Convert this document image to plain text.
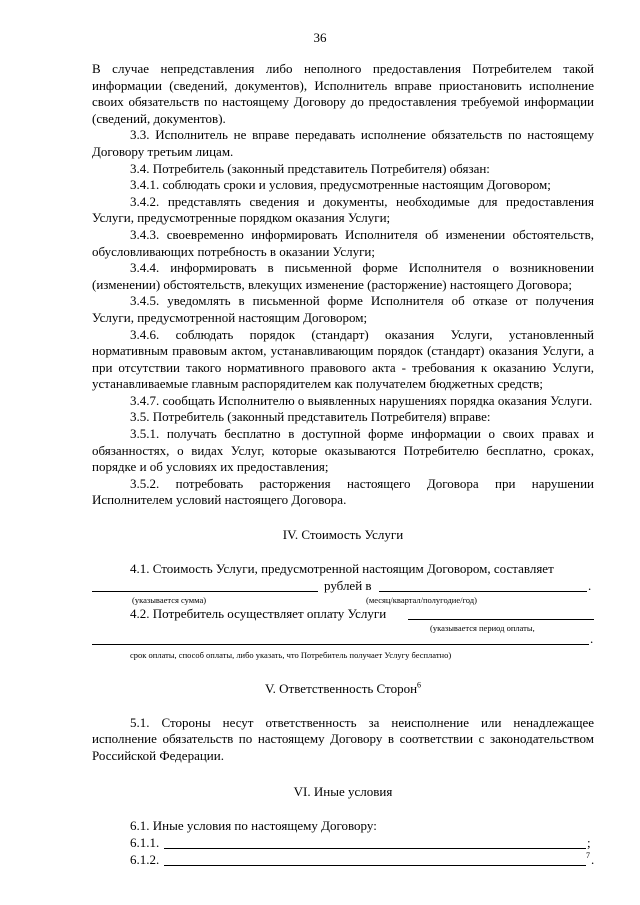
36

В случае непредставления либо неполного предоставления Потребителем такой информации (сведений, документов), Исполнитель вправе приостановить исполнение своих обязательств по настоящему Договору до предоставления требуемой информации (сведений, документов).

3.3. Исполнитель не вправе передавать исполнение обязательств по настоящему Договору третьим лицам.

3.4. Потребитель (законный представитель Потребителя) обязан:

3.4.1. соблюдать сроки и условия, предусмотренные настоящим Договором;

3.4.2. представлять сведения и документы, необходимые для предоставления Услуги, предусмотренные порядком оказания Услуги;

3.4.3. своевременно информировать Исполнителя об изменении обстоятельств, обусловливающих потребность в оказании Услуги;

3.4.4. информировать в письменной форме Исполнителя о возникновении (изменении) обстоятельств, влекущих изменение (расторжение) настоящего Договора;

3.4.5. уведомлять в письменной форме Исполнителя об отказе от получения Услуги, предусмотренной настоящим Договором;

3.4.6. соблюдать порядок (стандарт) оказания Услуги, установленный нормативным правовым актом, устанавливающим порядок (стандарт) оказания Услуги, а при отсутствии такого нормативного правового акта - требования к оказанию Услуги, устанавливаемые главным распорядителем как получателем бюджетных средств;

3.4.7. сообщать Исполнителю о выявленных нарушениях порядка оказания Услуги.

3.5. Потребитель (законный представитель Потребителя) вправе:

3.5.1. получать бесплатно в доступной форме информации о своих правах и обязанностях, о видах Услуг, которые оказываются Потребителю бесплатно, сроках, порядке и об условиях их предоставления;

3.5.2. потребовать расторжения настоящего Договора при нарушении Исполнителем условий настоящего Договора.

IV. Стоимость Услуги

4.1. Стоимость Услуги, предусмотренной настоящим Договором, составляет

рублей в	.
(указывается сумма)	(месяц/квартал/полугодие/год)
4.2. Потребитель осуществляет оплату Услуги
(указывается период оплаты,
.
срок оплаты, способ оплаты, либо указать, что Потребитель получает Услугу бесплатно)
V. Ответственность Сторон$^6$

5.1. Стороны несут ответственность за неисполнение или ненадлежащее исполнение обязательств по настоящему Договору в соответствии с законодательством Российской Федерации.

VI. Иные условия

6.1. Иные условия по настоящему Договору:

6.1.1.	;
6.1.2.	7 .
